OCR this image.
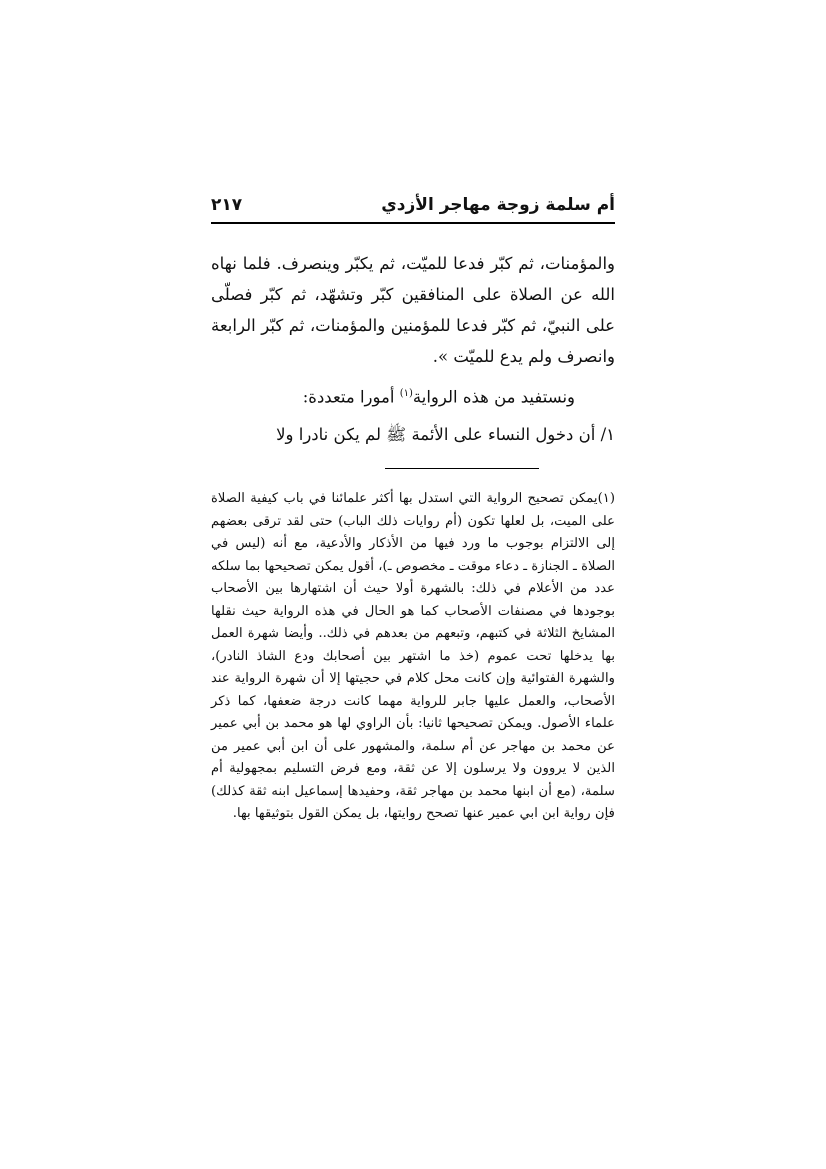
أم سلمة زوجة مهاجر الأزدي
٢١٧

والمؤمنات، ثم كبّر فدعا للميّت، ثم يكبّر وينصرف. فلما نهاه الله عن الصلاة على المنافقين كبّر وتشهّد، ثم كبّر فصلّى على النبيّ، ثم كبّر فدعا للمؤمنين والمؤمنات، ثم كبّر الرابعة وانصرف ولم يدع للميّت ».

ونستفيد من هذه الرواية$^{(١)}$ أمورا متعددة:

١/ أن دخول النساء على الأئمة ﷺ لم يكن نادرا ولا

(١)يمكن تصحيح الرواية التي استدل بها أكثر علمائنا في باب كيفية الصلاة على الميت، بل لعلها تكون (أم روايات ذلك الباب) حتى لقد ترقى بعضهم إلى الالتزام بوجوب ما ورد فيها من الأذكار والأدعية، مع أنه (ليس في الصلاة ـ الجنازة ـ دعاء موقت ـ مخصوص ـ)، أقول يمكن تصحيحها بما سلكه عدد من الأعلام في ذلك: بالشهرة أولا حيث أن اشتهارها بين الأصحاب بوجودها في مصنفات الأصحاب كما هو الحال في هذه الرواية حيث نقلها المشايخ الثلاثة في كتبهم، وتبعهم من بعدهم في ذلك.. وأيضا شهرة العمل بها يدخلها تحت عموم (خذ ما اشتهر بين أصحابك ودع الشاذ النادر)، والشهرة الفتوائية وإن كانت محل كلام في حجيتها إلا أن شهرة الرواية عند الأصحاب، والعمل عليها جابر للرواية مهما كانت درجة ضعفها، كما ذكر علماء الأصول. ويمكن تصحيحها ثانيا: بأن الراوي لها هو محمد بن أبي عمير عن محمد بن مهاجر عن أم سلمة، والمشهور على أن ابن أبي عمير من الذين لا يروون ولا يرسلون إلا عن ثقة، ومع فرض التسليم بمجهولية أم سلمة، (مع أن ابنها محمد بن مهاجر ثقة، وحفيدها إسماعيل ابنه ثقة كذلك) فإن رواية ابن ابي عمير عنها تصحح روايتها، بل يمكن القول بتوثيقها بها.
